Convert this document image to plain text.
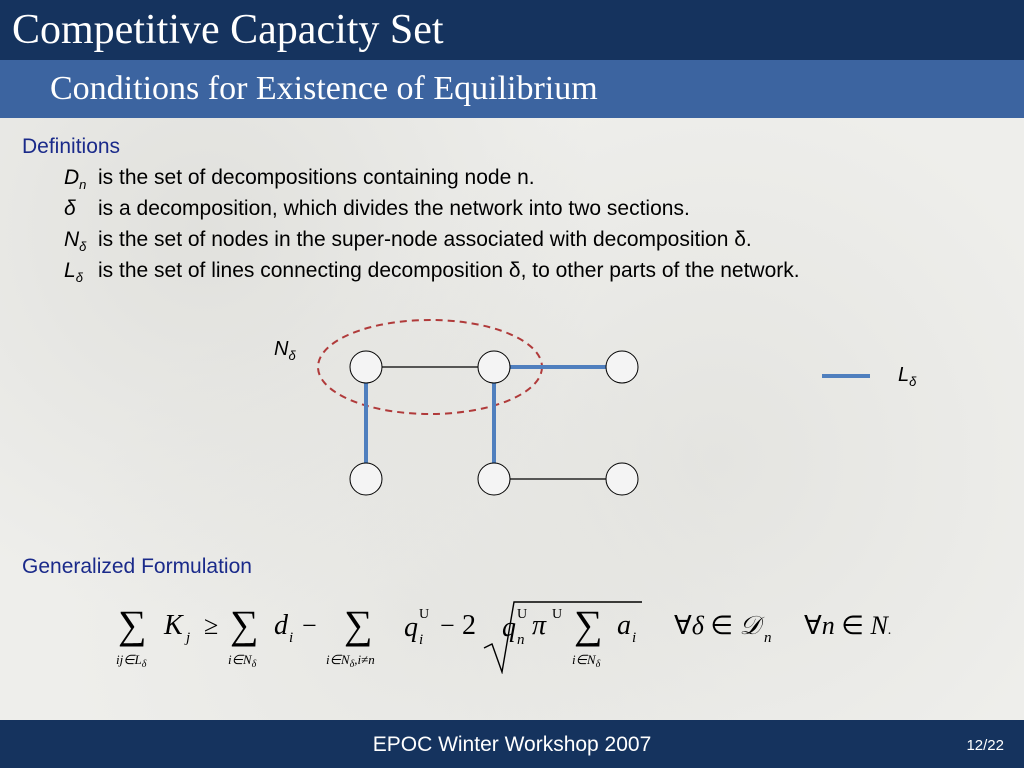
Competitive Capacity Set
Conditions for Existence of Equilibrium
Definitions
$D_n$ is the set of decompositions containing node n.
δ is a decomposition, which divides the network into two sections.
$N_\delta$ is the set of nodes in the super-node associated with decomposition δ.
$L_\delta$ is the set of lines connecting decomposition δ, to other parts of the network.
$N_\delta$
$L_\delta$
Generalized Formulation
Σ_{ij∈Lδ} K_j ≥ Σ_{i∈Nδ} d_i − Σ_{i∈Nδ,i≠n} q_i^U − 2 √( q_n^U π^U Σ_{i∈Nδ} a_i ) ∀δ ∈ D_n ∀n ∈ N.
∑
$ij\in L_\delta$
K j ≥ ∑
$i\in N_\delta$
d i − ∑
$i\in N_\delta,i\ne n$
q U
i − 2 q U
n π U ∑
$i\in N_\delta$
a i ∀δ ∈ 𝒟 n ∀n ∈ N.
EPOC Winter Workshop 2007	12/22
